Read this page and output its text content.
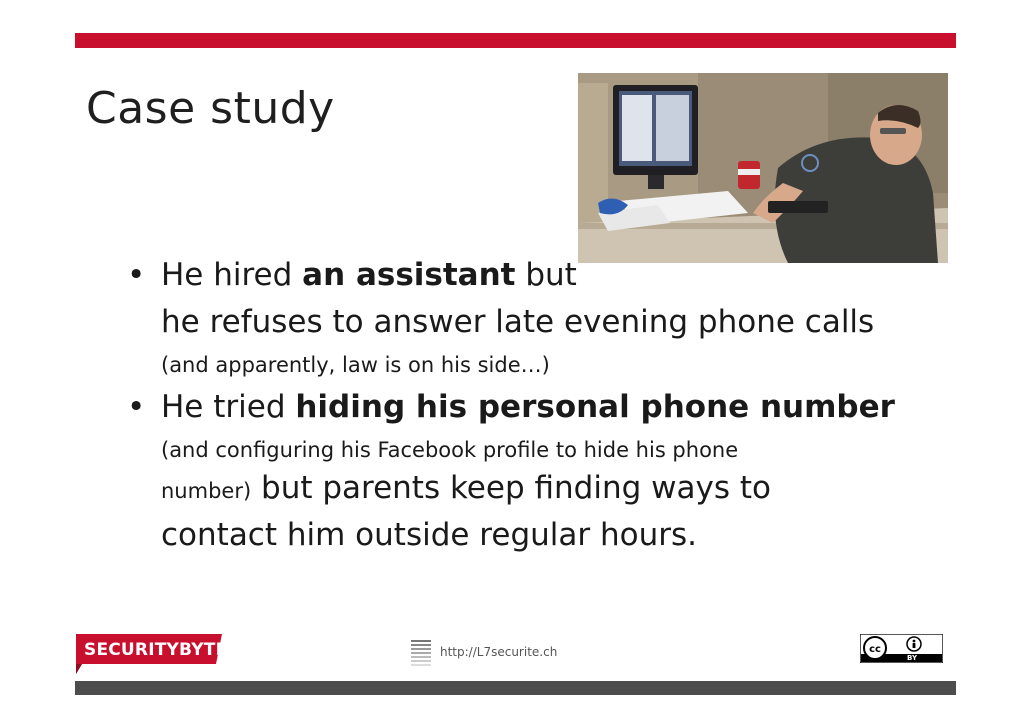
Case study
• He hired an assistant but
he refuses to answer late evening phone calls
(and apparently, law is on his side…)
• He tried hiding his personal phone number
(and configuring his Facebook profile to hide his phone
number) but parents keep finding ways to
contact him outside regular hours.
SECURITYBYTE	http://L7securite.ch	cc
BY
